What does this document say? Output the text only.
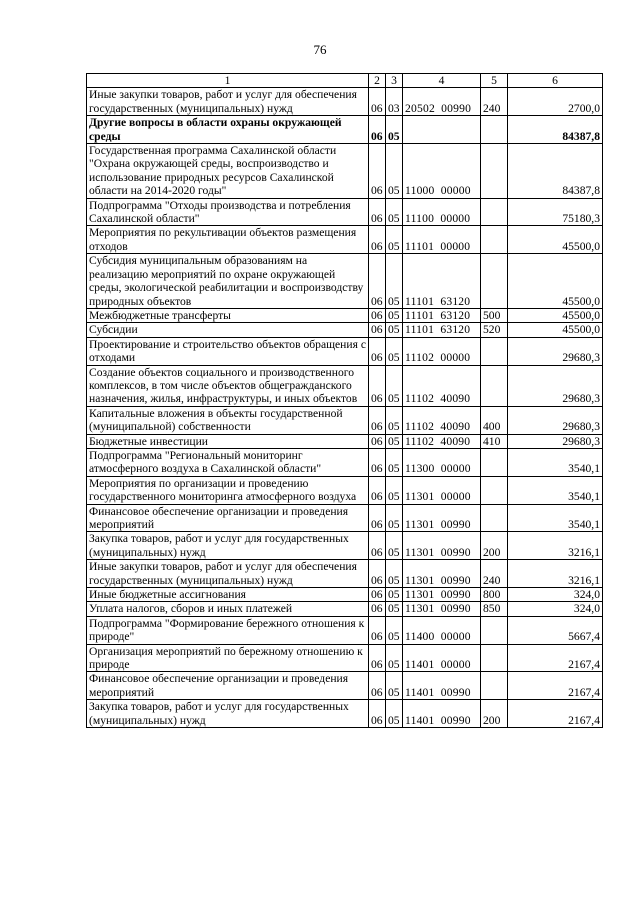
76
1	2	3	4	5	6
Иные закупки товаров, работ и услуг для обеспечения государственных (муниципальных) нужд	06	03	20502  00990	240	2700,0
Другие вопросы в области охраны окружающей среды	06	05			84387,8
Государственная программа Сахалинской области "Охрана окружающей среды, воспроизводство и использование природных ресурсов Сахалинской области на 2014-2020 годы"	06	05	11000  00000		84387,8
Подпрограмма "Отходы производства и потребления Сахалинской области"	06	05	11100  00000		75180,3
Мероприятия по рекультивации объектов размещения отходов	06	05	11101  00000		45500,0
Субсидия муниципальным образованиям на реализацию мероприятий по охране окружающей среды, экологической реабилитации и воспроизводству природных объектов	06	05	11101  63120		45500,0
Межбюджетные трансферты	06	05	11101  63120	500	45500,0
Субсидии	06	05	11101  63120	520	45500,0
Проектирование и строительство объектов обращения с отходами	06	05	11102  00000		29680,3
Создание объектов социального и производственного комплексов, в том числе объектов общегражданского назначения, жилья, инфраструктуры, и иных объектов	06	05	11102  40090		29680,3
Капитальные вложения в объекты государственной (муниципальной) собственности	06	05	11102  40090	400	29680,3
Бюджетные инвестиции	06	05	11102  40090	410	29680,3
Подпрограмма "Региональный мониторинг атмосферного воздуха в Сахалинской области"	06	05	11300  00000		3540,1
Мероприятия по организации и проведению государственного мониторинга атмосферного воздуха	06	05	11301  00000		3540,1
Финансовое обеспечение организации и проведения мероприятий	06	05	11301  00990		3540,1
Закупка товаров, работ и услуг для государственных (муниципальных) нужд	06	05	11301  00990	200	3216,1
Иные закупки товаров, работ и услуг для обеспечения государственных (муниципальных) нужд	06	05	11301  00990	240	3216,1
Иные бюджетные ассигнования	06	05	11301  00990	800	324,0
Уплата налогов, сборов и иных платежей	06	05	11301  00990	850	324,0
Подпрограмма "Формирование бережного отношения к природе"	06	05	11400  00000		5667,4
Организация мероприятий по бережному отношению к природе	06	05	11401  00000		2167,4
Финансовое обеспечение организации и проведения мероприятий	06	05	11401  00990		2167,4
Закупка товаров, работ и услуг для государственных (муниципальных) нужд	06	05	11401  00990	200	2167,4
